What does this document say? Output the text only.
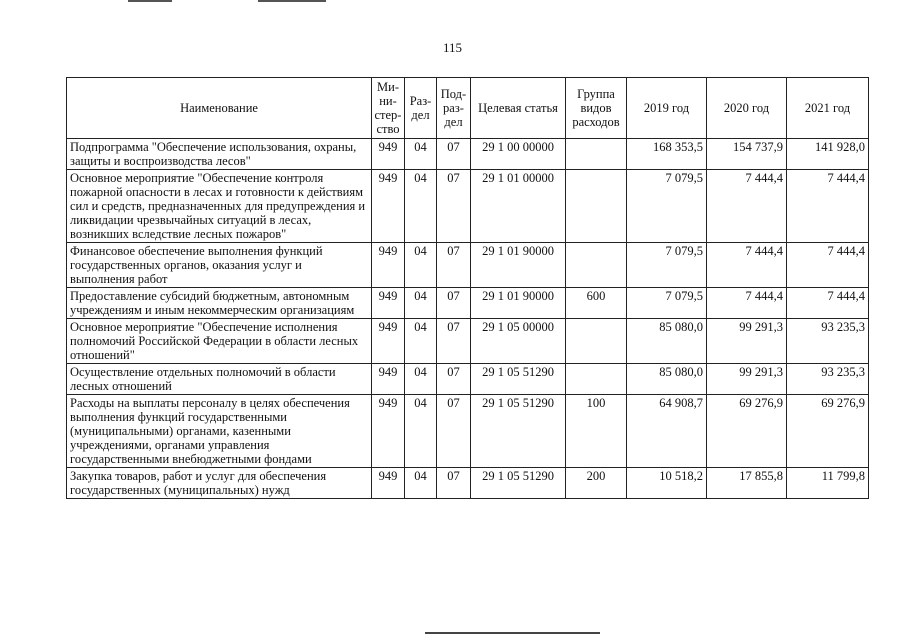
115
Наименование	Ми- ни- стер- ство	Раз- дел	Под- раз- дел	Целевая статья	Группа видов расходов	2019 год	2020 год	2021 год
Подпрограмма "Обеспечение использования, охраны, защиты и воспроизводства лесов"	949	04	07	29 1 00 00000		168 353,5	154 737,9	141 928,0
Основное мероприятие "Обеспечение контроля пожарной опасности в лесах и готовности к действиям сил и средств, предназначенных для предупреждения и ликвидации чрезвычайных ситуаций в лесах, возникших вследствие лесных пожаров"	949	04	07	29 1 01 00000		7 079,5	7 444,4	7 444,4
Финансовое обеспечение выполнения функций государственных органов, оказания услуг и выполнения работ	949	04	07	29 1 01 90000		7 079,5	7 444,4	7 444,4
Предоставление субсидий бюджетным, автономным учреждениям и иным некоммерческим организациям	949	04	07	29 1 01 90000	600	7 079,5	7 444,4	7 444,4
Основное мероприятие "Обеспечение исполнения полномочий Российской Федерации в области лесных отношений"	949	04	07	29 1 05 00000		85 080,0	99 291,3	93 235,3
Осуществление отдельных полномочий в области лесных отношений	949	04	07	29 1 05 51290		85 080,0	99 291,3	93 235,3
Расходы на выплаты персоналу в целях обеспечения выполнения функций государственными (муниципальными) органами, казенными учреждениями, органами управления государственными внебюджетными фондами	949	04	07	29 1 05 51290	100	64 908,7	69 276,9	69 276,9
Закупка товаров, работ и услуг для обеспечения государственных (муниципальных) нужд	949	04	07	29 1 05 51290	200	10 518,2	17 855,8	11 799,8
